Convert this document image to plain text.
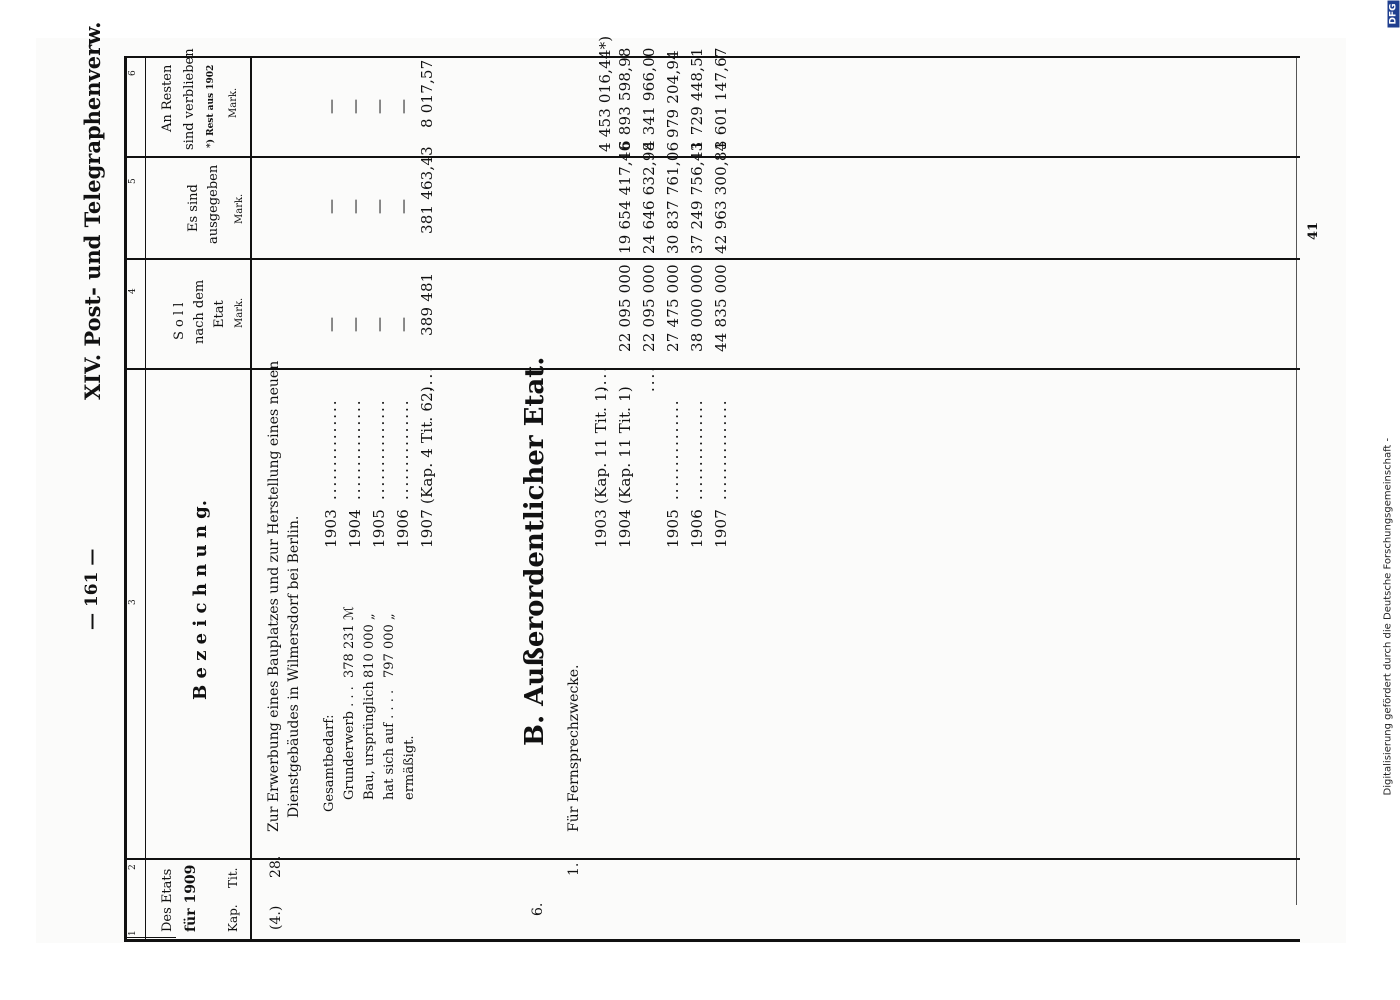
— 161 —
XIV. Post- und Telegraphenverw.	41
1
2
3
4
5
6
Des Etats für 1909 Kap.
Tit.
B e z e i c h n u n g.
S o l l nach dem Etat Mark.
Es sind ausgegeben Mark.
An Resten sind verblieben *) Rest aus 1902 Mark.
(4.)
28.
Zur Erwerbung eines Bauplatzes und zur Herstellung eines neuen Dienstgebäudes in Wilmersdorf bei Berlin. Gesamtbedarf: Grunderwerb . . .
378 231 ℳ
Bau, ursprünglich
810 000 „
hat sich auf . . . .
797 000 „
ermäßigt.
1903
...............
—
—
—
1904
...............
—
—
—
1905
...............
—
—
—
1906
...............
—
—
—
1907 (Kap. 4 Tit. 62)
....
389 481
381 463,43
8 017,57
B. Außerordentlicher Etat.
6.
1.
Für Fernsprechzwecke.
4 453 016,44*)
1903 (Kap. 11 Tit. 1)
....
22 095 000
19 654 417,46
6 893 598,98
1904 (Kap. 11 Tit. 1)
....
22 095 000
24 646 632,98
4 341 966,00
1905
...............
27 475 000
30 837 761,06
979 204,94
1906
...............
38 000 000
37 249 756,43
1 729 448,51
1907
...............
44 835 000
42 963 300,84
3 601 147,67
Digitalisierung gefördert durch die Deutsche Forschungsgemeinschaft -
DFG
